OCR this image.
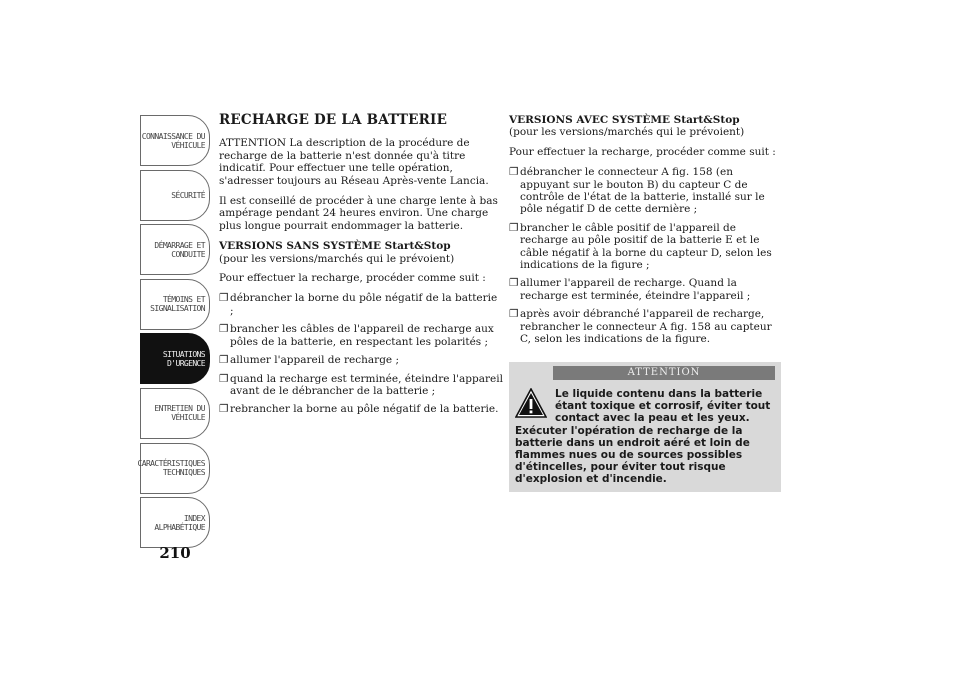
CONNAISSANCE DU
VÉHICULE
SÉCURITÉ
DÉMARRAGE ET
CONDUITE
TÉMOINS ET
SIGNALISATION
SITUATIONS
D'URGENCE
ENTRETIEN DU
VÉHICULE
CARACTÉRISTIQUES
TECHNIQUES
INDEX
ALPHABÉTIQUE
210
RECHARGE DE LA BATTERIE

ATTENTION La description de la procédure de recharge de la batterie n'est donnée qu'à titre indicatif. Pour effectuer une telle opération, s'adresser toujours au Réseau Après-vente Lancia.

Il est conseillé de procéder à une charge lente à bas ampérage pendant 24 heures environ. Une charge plus longue pourrait endommager la batterie.

VERSIONS SANS SYSTÈME Start&Stop
(pour les versions/marchés qui le prévoient)

Pour effectuer la recharge, procéder comme suit :

❐ débrancher la borne du pôle négatif de la batterie ;
❐ brancher les câbles de l'appareil de recharge aux pôles de la batterie, en respectant les polarités ;
❐ allumer l'appareil de recharge ;
❐ quand la recharge est terminée, éteindre l'appareil avant de le débrancher de la batterie ;
❐ rebrancher la borne au pôle négatif de la batterie.
VERSIONS AVEC SYSTÈME Start&Stop
(pour les versions/marchés qui le prévoient)

Pour effectuer la recharge, procéder comme suit :

❐ débrancher le connecteur A fig. 158 (en appuyant sur le bouton B) du capteur C de contrôle de l'état de la batterie, installé sur le pôle négatif D de cette dernière ;
❐ brancher le câble positif de l'appareil de recharge au pôle positif de la batterie E et le câble négatif à la borne du capteur D, selon les indications de la figure ;
❐ allumer l'appareil de recharge. Quand la recharge est terminée, éteindre l'appareil ;
❐ après avoir débranché l'appareil de recharge, rebrancher le connecteur A fig. 158 au capteur C, selon les indications de la figure.
ATTENTION
Le liquide contenu dans la batterie étant toxique et corrosif, éviter tout
contact avec la peau et les yeux. Exécuter l'opération de recharge de la batterie dans un endroit aéré et loin de flammes nues ou de sources possibles d'étincelles, pour éviter tout risque d'explosion et d'incendie.
